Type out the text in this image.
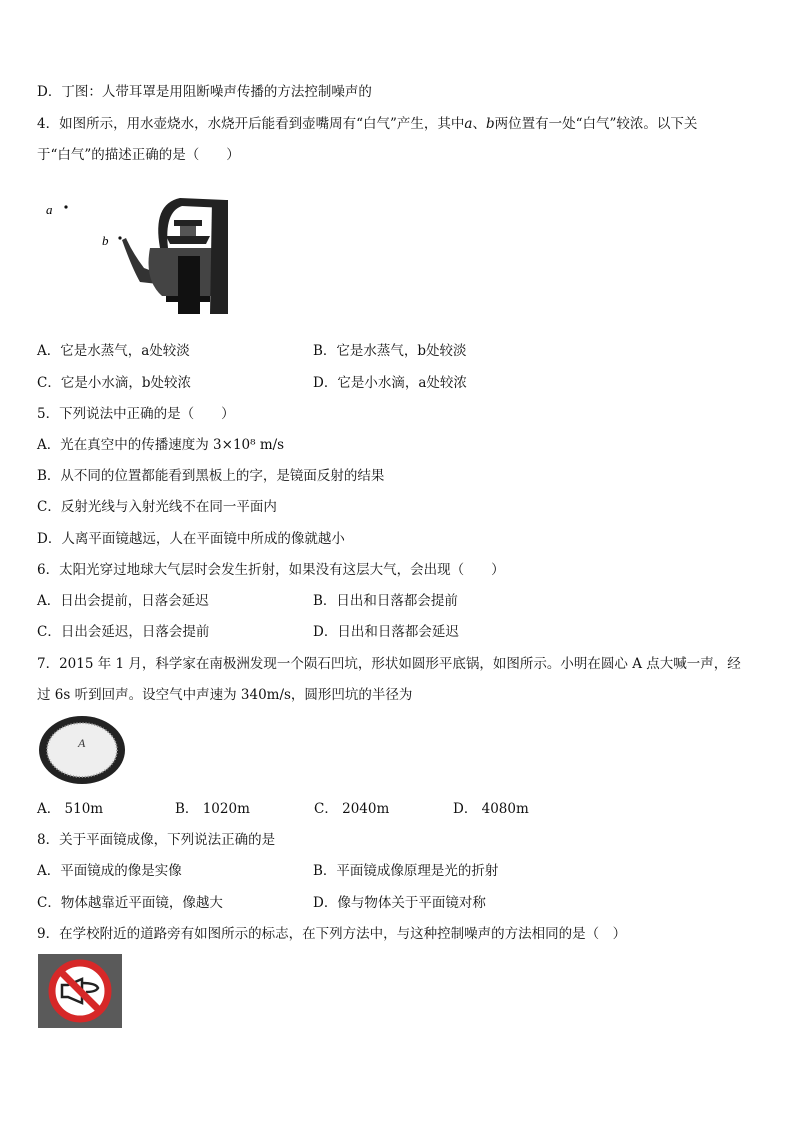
D．丁图：人带耳罩是用阻断噪声传播的方法控制噪声的
4．如图所示，用水壶烧水，水烧开后能看到壶嘴周有“白气”产生，其中a、b两位置有一处“白气”较浓。以下关
于“白气”的描述正确的是（　　）
a
b
A．它是水蒸气，a处较淡	B．它是水蒸气，b处较淡
C．它是小水滴，b处较浓	D．它是小水滴，a处较浓
5．下列说法中正确的是（　　）
A．光在真空中的传播速度为 3×10⁸ m/s
B．从不同的位置都能看到黑板上的字，是镜面反射的结果
C．反射光线与入射光线不在同一平面内
D．人离平面镜越远，人在平面镜中所成的像就越小
6．太阳光穿过地球大气层时会发生折射，如果没有这层大气，会出现（　　）
A．日出会提前，日落会延迟	B．日出和日落都会提前
C．日出会延迟，日落会提前	D．日出和日落都会延迟
7．2015 年 1 月，科学家在南极洲发现一个陨石凹坑，形状如圆形平底锅，如图所示。小明在圆心 A 点大喊一声，经
过 6s 听到回声。设空气中声速为 340m/s，圆形凹坑的半径为
A
A． 510m	B． 1020m	C． 2040m	D． 4080m
8．关于平面镜成像，下列说法正确的是
A．平面镜成的像是实像	B．平面镜成像原理是光的折射
C．物体越靠近平面镜，像越大	D．像与物体关于平面镜对称
9．在学校附近的道路旁有如图所示的标志，在下列方法中，与这种控制噪声的方法相同的是（　）
